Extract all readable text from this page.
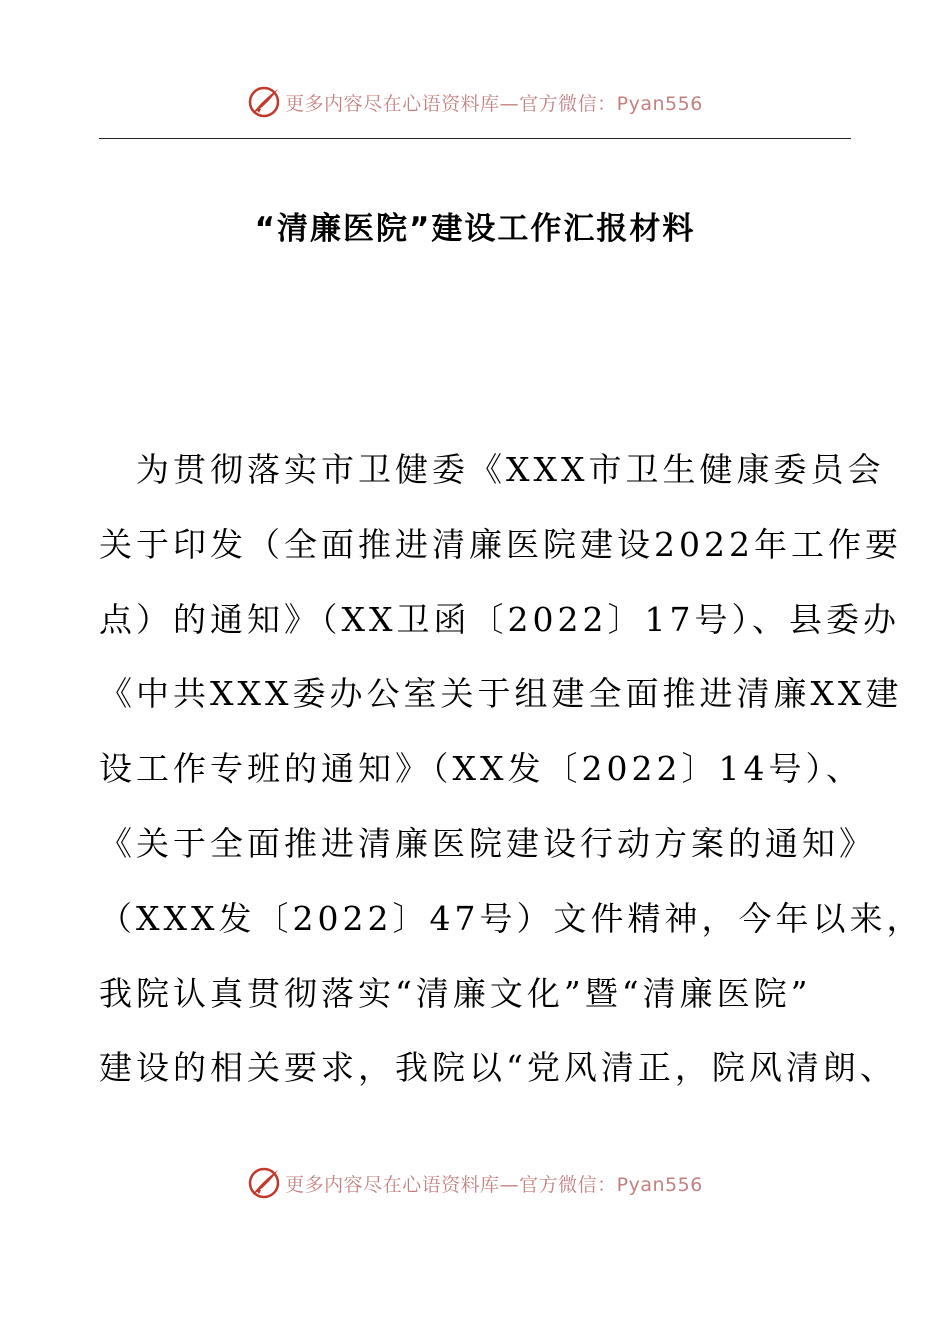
更多内容尽在心语资料库—官方微信：Pyan556
“清廉医院”建设工作汇报材料
　为贯彻落实市卫健委《XXX市卫生健康委员会
关于印发（全面推进清廉医院建设2022年工作要
点）的通知》（XX卫函〔2022〕17号）、县委办
《中共XXX委办公室关于组建全面推进清廉XX建
设工作专班的通知》（XX发〔2022〕14号）、
《关于全面推进清廉医院建设行动方案的通知》
（XXX发〔2022〕47号）文件精神，今年以来，
我院认真贯彻落实“清廉文化”暨“清廉医院”
建设的相关要求，我院以“党风清正，院风清朗、
更多内容尽在心语资料库—官方微信：Pyan556
